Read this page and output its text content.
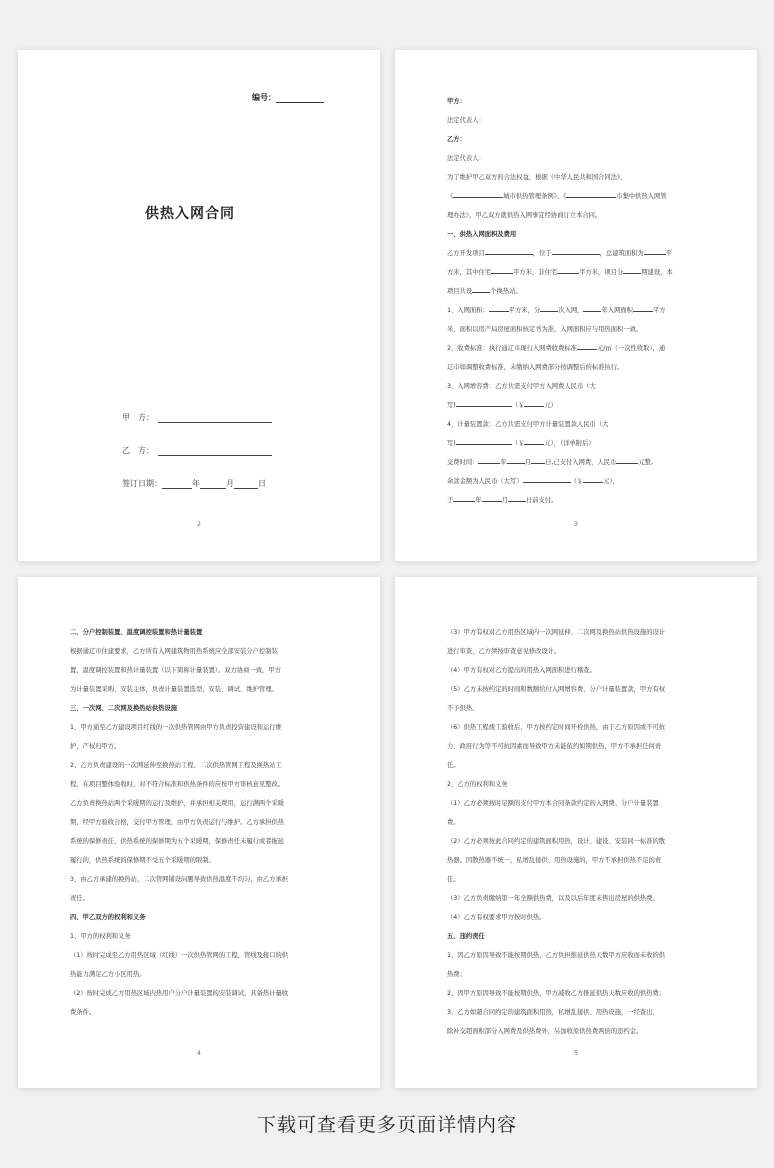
编号：
供热入网合同
甲　方：
乙　方：
签订日期：	年	月	日
2

甲方：

法定代表人：

乙方：

法定代表人：

为了维护甲乙双方的合法权益，根据《中华人民共和国合同法》、

《	城市供热管理条例》、《	市集中供热入网管

理办法》，甲乙双方就供热入网事宜经协商订立本合同。

一、供热入网面积及费用

乙方开发项目	，位于	，总建筑面积为	平

方米，其中住宅	平方米，非住宅	平方米，项目分	期建设，本

项目共设	个换热站。

1、入网面积：	平方米，分	次入网，	年入网面积	平方

米，面积以房产局房屋面积核定书为准，入网面积应与用热面积一致。

2、收费标准：执行通辽市现行入网费收费标准	元/㎡（一次性收取），通

辽市如调整收费标准，未缴纳入网费部分按调整后的标准执行。

3、入网增容费：乙方共需支付甲方入网费人民币（大

写)	（￥	元）

4、计量装置款：乙方共需支付甲方计量装置款人民币（大

写)	（￥	元），（详单附后）

交费时间：	年	月 日,已支付入网费，人民币	元整,

余款金额为人民币（大写）	（￥	元），

于	年	月	日前支付。

3

二、分户控制装置、温度调控装置和热计量装置

根据通辽市住建要求，乙方所有入网建筑物用热系统应全部安装分户控制装

置、温度调控装置和热计量装置（以下简称计量装置）。双方协商一致，甲方

为计量装置采购、安装主体，负责计量装置选型、安装、调试、维护管理。

三、一次网、二次网及换热站供热设施

1、甲方通至乙方建设项目红线的一次供热管网由甲方负责投资建设和运行维

护，产权归甲方。

2、乙方负责建设的一次网延伸至换热站工程、二次供热管网工程及换热站工

程，在项目整体验收时，对不符合标准和供热条件的应按甲方审核意见整改。

乙方负责换热站两个采暖期的运行及维护，并承担相关费用，运行满两个采暖

期，经甲方验收合格，交付甲方管理，由甲方负责运行与维护。乙方承担供热

系统的保修责任，供热系统的保修期为五个采暖期，保修责任未履行或者拖延

履行的，供热系统的保修期不受五个采暖期的限制。

3、由乙方承建的换热站、二次管网铺设问题导致供热温度不均匀，由乙方承担

责任。

四、甲乙双方的权利和义务

1、甲方的权利和义务

（1）按时完成至乙方用热区域（红线）一次供热管网的工程，管线及接口的供

热能力满足乙方小区用热。

（2）按时完成乙方用热区域内热用户分户计量装置的安装调试，具备热计量收

费条件。

4

（3）甲方有权对乙方用热区域内一次网延伸、二次网及换热站供热设施的设计

进行审查，乙方须按审查意见修改设计。

（4）甲方有权对乙方提出的用热入网面积进行稽查。

（5）乙方未按约定的时间和数额给付入网增容费、分户计量装置款，甲方有权

不予供热。

（6）供热工程竣工验收后，甲方按约定时间开栓供热，由于乙方原因或不可抗

力、政府行为等不可抗因素而导致甲方未能依约如期供热，甲方不承担任何责

任。

2、乙方的权利和义务

（1）乙方必须按时足额的支付甲方本合同条款约定的入网费、分户计量装置

费。

（2）乙方必须按此合同约定的建筑面积用热，设计、建设、安装同一标准的散

热器。因散热器不统一，私增乱接供、用热设施的，甲方不承担供热不足的责

任。

（3）乙方负责缴纳第一年全额供热费，以及以后年度未售出房屋的供热费。

（4）乙方有权要求甲方按时供热。

五、违约责任

1、因乙方原因导致不能按期供热，乙方负担推延供热天数甲方应收而未收的供

热费；

2、因甲方原因导致不能按期供热，甲方减收乙方推延供热天数应收的供热费；

3、乙方如超合同约定的建筑面积用热，私增乱接供、用热设施，一经查出，

除补交超面积部分入网费及供热费外，另加收原供热费两倍的违约金。

5
下载可查看更多页面详情内容
